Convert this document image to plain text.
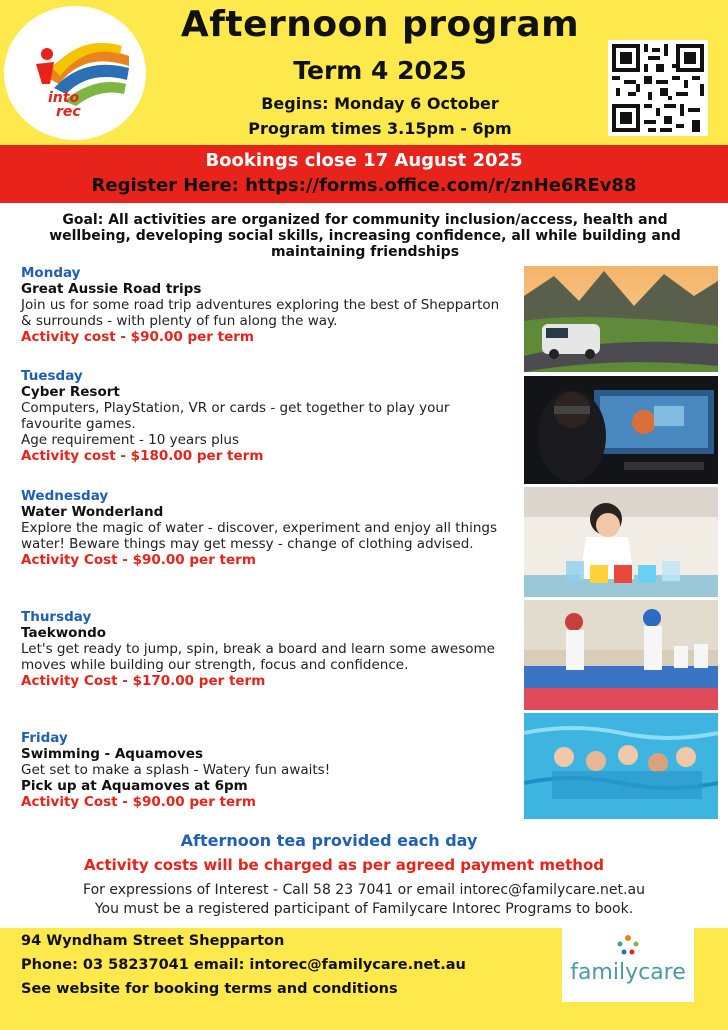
into
rec
Afternoon program
Term 4 2025
Begins: Monday 6 October
Program times 3.15pm - 6pm
Bookings close 17 August 2025
Register Here: https://forms.office.com/r/znHe6REv88
Goal: All activities are organized for community inclusion/access, health and wellbeing, developing social skills, increasing confidence, all while building and maintaining friendships
Monday
Great Aussie Road trips
Join us for some road trip adventures exploring the best of Shepparton & surrounds - with plenty of fun along the way.
Activity cost - $90.00 per term
Tuesday
Cyber Resort
Computers, PlayStation, VR or cards - get together to play your favourite games.
Age requirement - 10 years plus
Activity cost - $180.00 per term
Wednesday
Water Wonderland
Explore the magic of water - discover, experiment and enjoy all things water! Beware things may get messy - change of clothing advised.
Activity Cost - $90.00 per term
Thursday
Taekwondo
Let's get ready to jump, spin, break a board and learn some awesome moves while building our strength, focus and confidence.
Activity Cost - $170.00 per term
Friday
Swimming - Aquamoves
Get set to make a splash - Watery fun awaits!
Pick up at Aquamoves at 6pm
Activity Cost - $90.00 per term
Afternoon tea provided each day
Activity costs will be charged as per agreed payment method
For expressions of Interest - Call 58 23 7041 or email intorec@familycare.net.au
You must be a registered participant of Familycare Intorec Programs to book.
94 Wyndham Street Shepparton
Phone: 03 58237041 email: intorec@familycare.net.au
See website for booking terms and conditions
familycare
